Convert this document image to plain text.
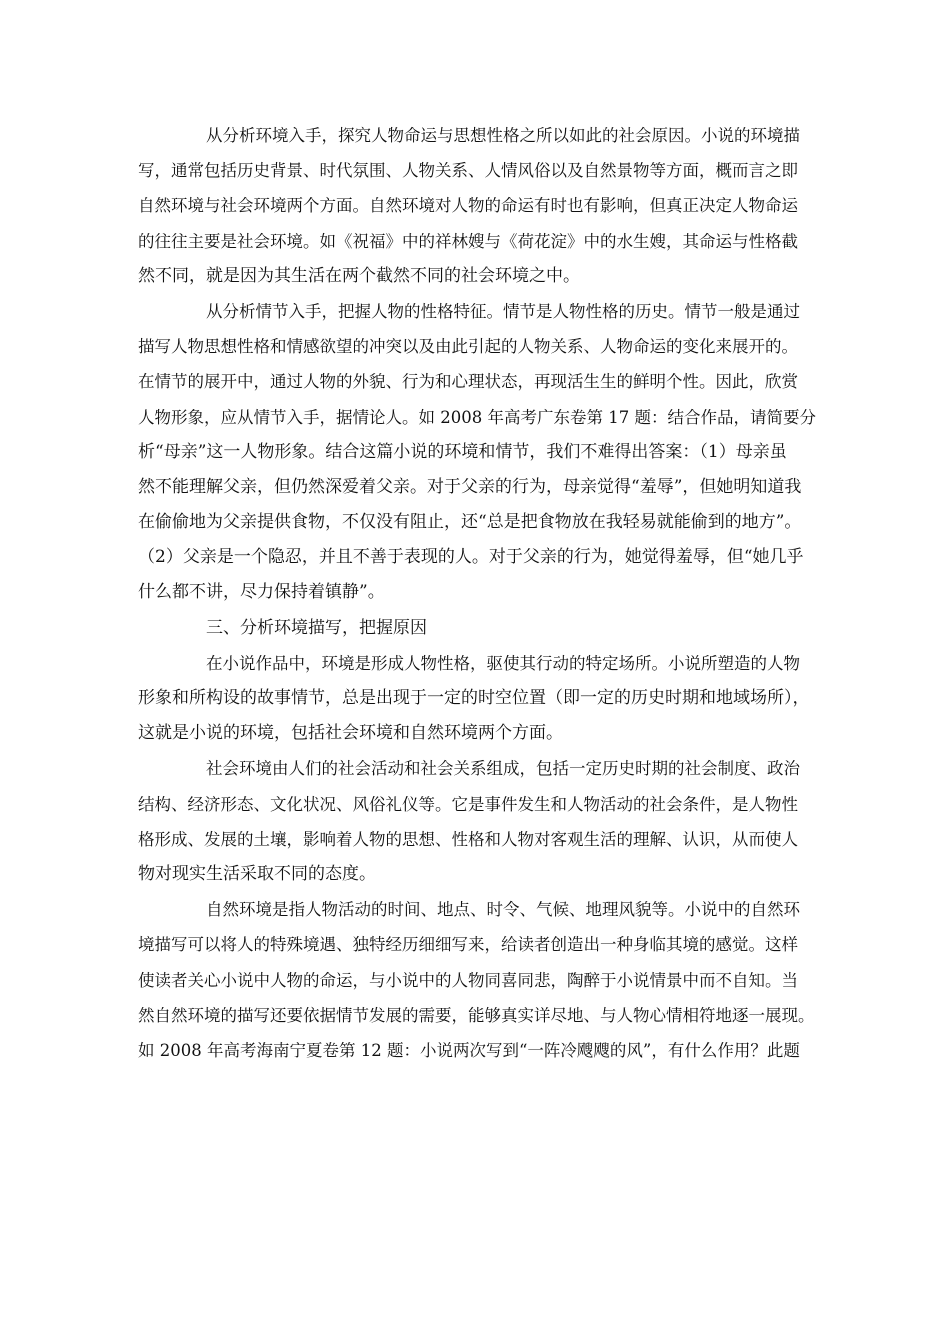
从分析环境入手，探究人物命运与思想性格之所以如此的社会原因。小说的环境描
写，通常包括历史背景、时代氛围、人物关系、人情风俗以及自然景物等方面，概而言之即
自然环境与社会环境两个方面。自然环境对人物的命运有时也有影响，但真正决定人物命运
的往往主要是社会环境。如《祝福》中的祥林嫂与《荷花淀》中的水生嫂，其命运与性格截
然不同，就是因为其生活在两个截然不同的社会环境之中。
从分析情节入手，把握人物的性格特征。情节是人物性格的历史。情节一般是通过
描写人物思想性格和情感欲望的冲突以及由此引起的人物关系、人物命运的变化来展开的。
在情节的展开中，通过人物的外貌、行为和心理状态，再现活生生的鲜明个性。因此，欣赏
人物形象，应从情节入手，据情论人。如 2008 年高考广东卷第 17 题：结合作品，请简要分
析“母亲”这一人物形象。结合这篇小说的环境和情节，我们不难得出答案：（1）母亲虽
然不能理解父亲，但仍然深爱着父亲。对于父亲的行为，母亲觉得“羞辱”，但她明知道我
在偷偷地为父亲提供食物，不仅没有阻止，还“总是把食物放在我轻易就能偷到的地方”。
（2）父亲是一个隐忍，并且不善于表现的人。对于父亲的行为，她觉得羞辱，但“她几乎
什么都不讲，尽力保持着镇静”。
三、分析环境描写，把握原因
在小说作品中，环境是形成人物性格，驱使其行动的特定场所。小说所塑造的人物
形象和所构设的故事情节，总是出现于一定的时空位置（即一定的历史时期和地域场所），
这就是小说的环境，包括社会环境和自然环境两个方面。
社会环境由人们的社会活动和社会关系组成，包括一定历史时期的社会制度、政治
结构、经济形态、文化状况、风俗礼仪等。它是事件发生和人物活动的社会条件，是人物性
格形成、发展的土壤，影响着人物的思想、性格和人物对客观生活的理解、认识，从而使人
物对现实生活采取不同的态度。
自然环境是指人物活动的时间、地点、时令、气候、地理风貌等。小说中的自然环
境描写可以将人的特殊境遇、独特经历细细写来，给读者创造出一种身临其境的感觉。这样
使读者关心小说中人物的命运，与小说中的人物同喜同悲，陶醉于小说情景中而不自知。当
然自然环境的描写还要依据情节发展的需要，能够真实详尽地、与人物心情相符地逐一展现。
如 2008 年高考海南宁夏卷第 12 题：小说两次写到“一阵冷飕飕的风”，有什么作用？此题
